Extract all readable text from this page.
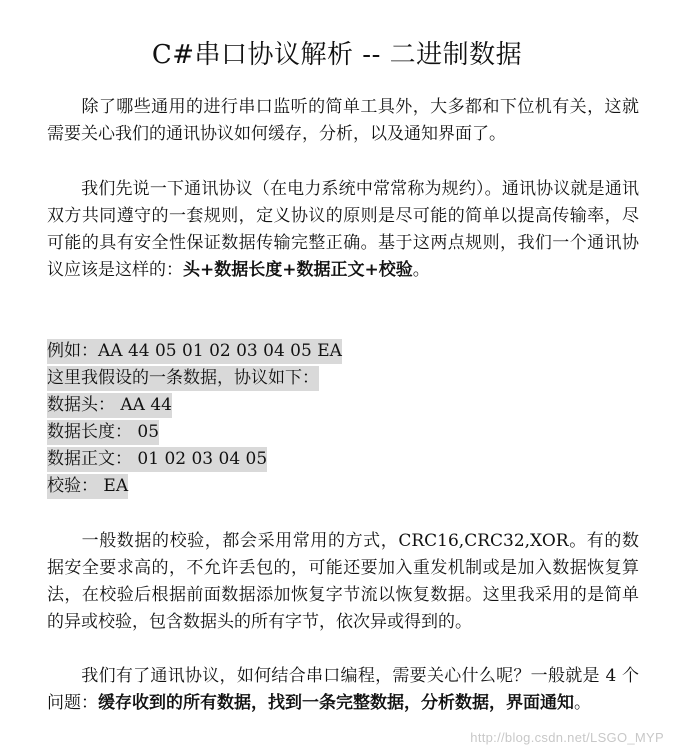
C#串口协议解析 -- 二进制数据

除了哪些通用的进行串口监听的简单工具外，大多都和下位机有关，这就需要关心我们的通讯协议如何缓存，分析，以及通知界面了。

我们先说一下通讯协议（在电力系统中常常称为规约）。通讯协议就是通讯双方共同遵守的一套规则，定义协议的原则是尽可能的简单以提高传输率，尽可能的具有安全性保证数据传输完整正确。基于这两点规则，我们一个通讯协议应该是这样的：头+数据长度+数据正文+校验。

例如：AA 44 05 01 02 03 04 05 EA
这里我假设的一条数据，协议如下：
数据头： AA 44
数据长度： 05
数据正文： 01 02 03 04 05
校验： EA

一般数据的校验，都会采用常用的方式，CRC16,CRC32,XOR。有的数据安全要求高的，不允许丢包的，可能还要加入重发机制或是加入数据恢复算法，在校验后根据前面数据添加恢复字节流以恢复数据。这里我采用的是简单的异或校验，包含数据头的所有字节，依次异或得到的。

我们有了通讯协议，如何结合串口编程，需要关心什么呢？一般就是 4 个问题：缓存收到的所有数据，找到一条完整数据，分析数据，界面通知。

http://blog.csdn.net/LSGO_MYP
